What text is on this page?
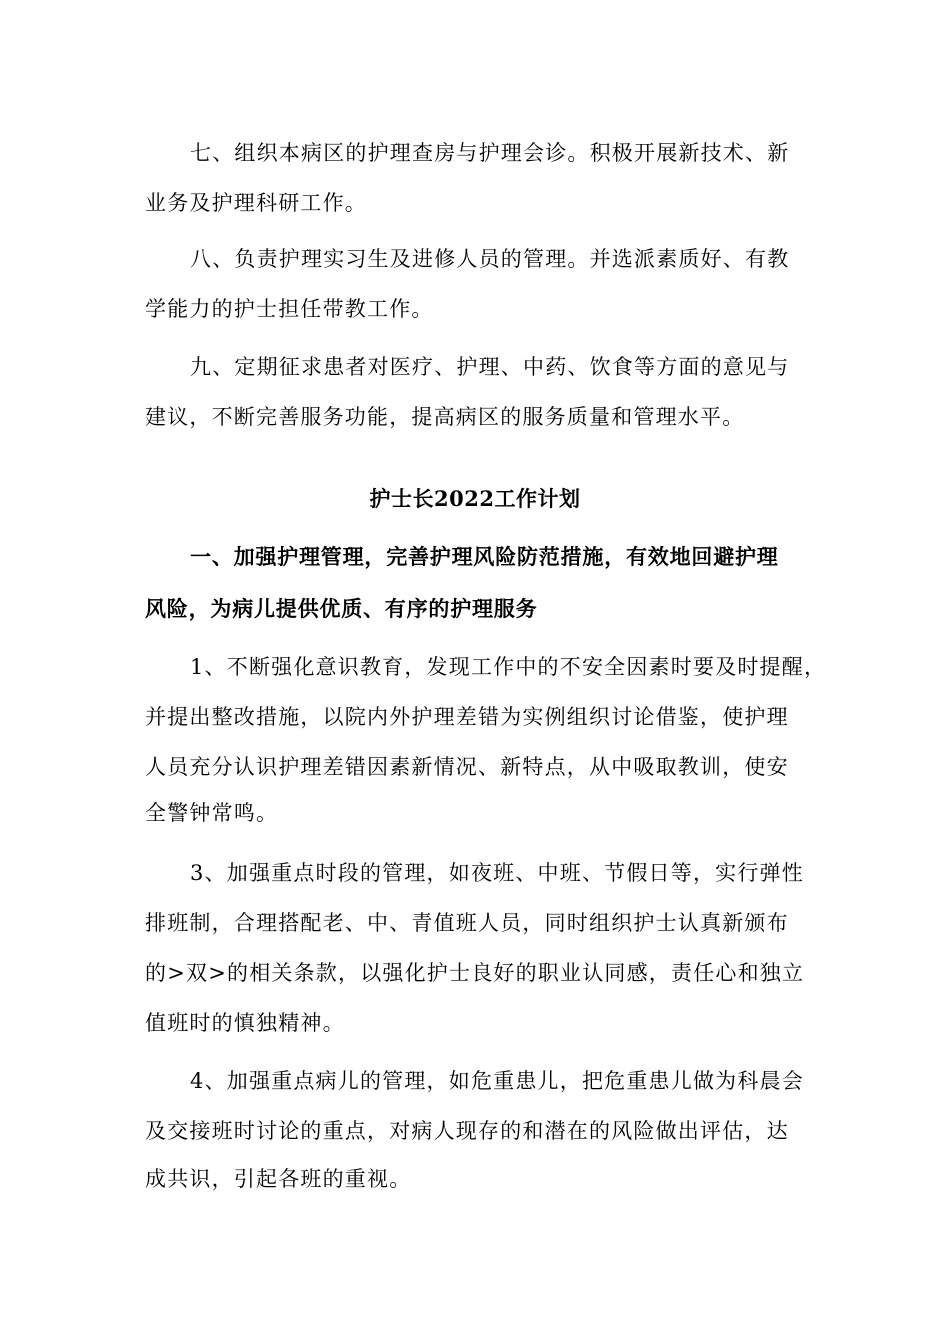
七、组织本病区的护理查房与护理会诊。积极开展新技术、新
业务及护理科研工作。
八、负责护理实习生及进修人员的管理。并选派素质好、有教
学能力的护士担任带教工作。
九、定期征求患者对医疗、护理、中药、饮食等方面的意见与
建议，不断完善服务功能，提高病区的服务质量和管理水平。
护士长2022工作计划
一、加强护理管理，完善护理风险防范措施，有效地回避护理
风险，为病儿提供优质、有序的护理服务
1、不断强化意识教育，发现工作中的不安全因素时要及时提醒，
并提出整改措施，以院内外护理差错为实例组织讨论借鉴，使护理
人员充分认识护理差错因素新情况、新特点，从中吸取教训，使安
全警钟常鸣。
3、加强重点时段的管理，如夜班、中班、节假日等，实行弹性
排班制，合理搭配老、中、青值班人员，同时组织护士认真新颁布
的>双>的相关条款，以强化护士良好的职业认同感，责任心和独立
值班时的慎独精神。
4、加强重点病儿的管理，如危重患儿，把危重患儿做为科晨会
及交接班时讨论的重点，对病人现存的和潜在的风险做出评估，达
成共识，引起各班的重视。
